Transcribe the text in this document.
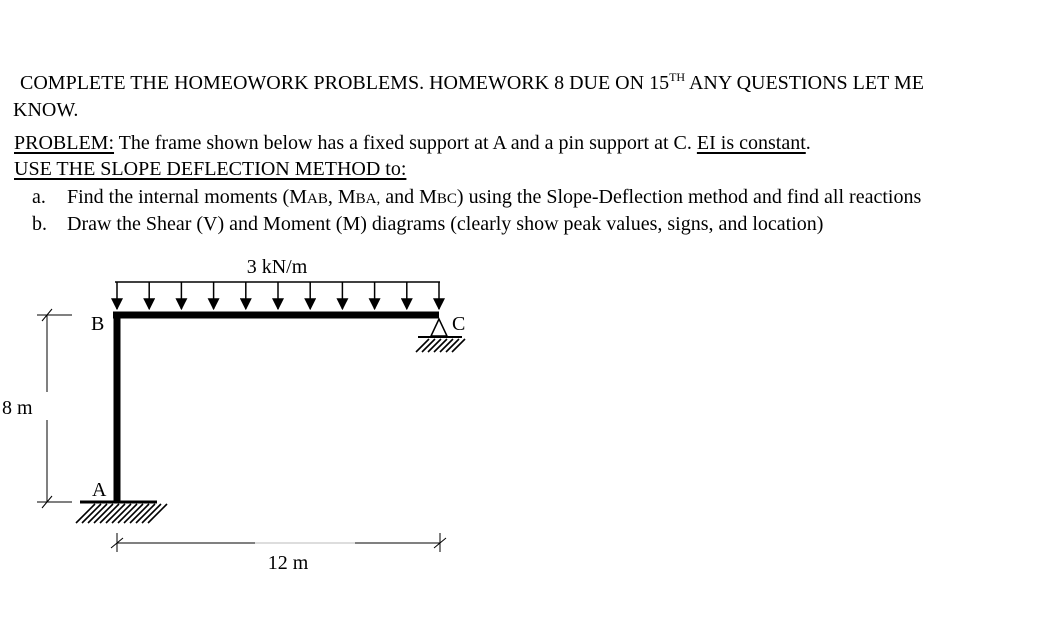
COMPLETE THE HOMEOWORK PROBLEMS. HOMEWORK 8 DUE ON 15TH ANY QUESTIONS LET ME
KNOW.
PROBLEM: The frame shown below has a fixed support at A and a pin support at C. EI is constant.
USE THE SLOPE DEFLECTION METHOD to:
a. Find the internal moments (MAB, MBA, and MBC) using the Slope-Deflection method and find all reactions
b. Draw the Shear (V) and Moment (M) diagrams (clearly show peak values, signs, and location)
3 kN/m
B	C
A
8 m
12 m
